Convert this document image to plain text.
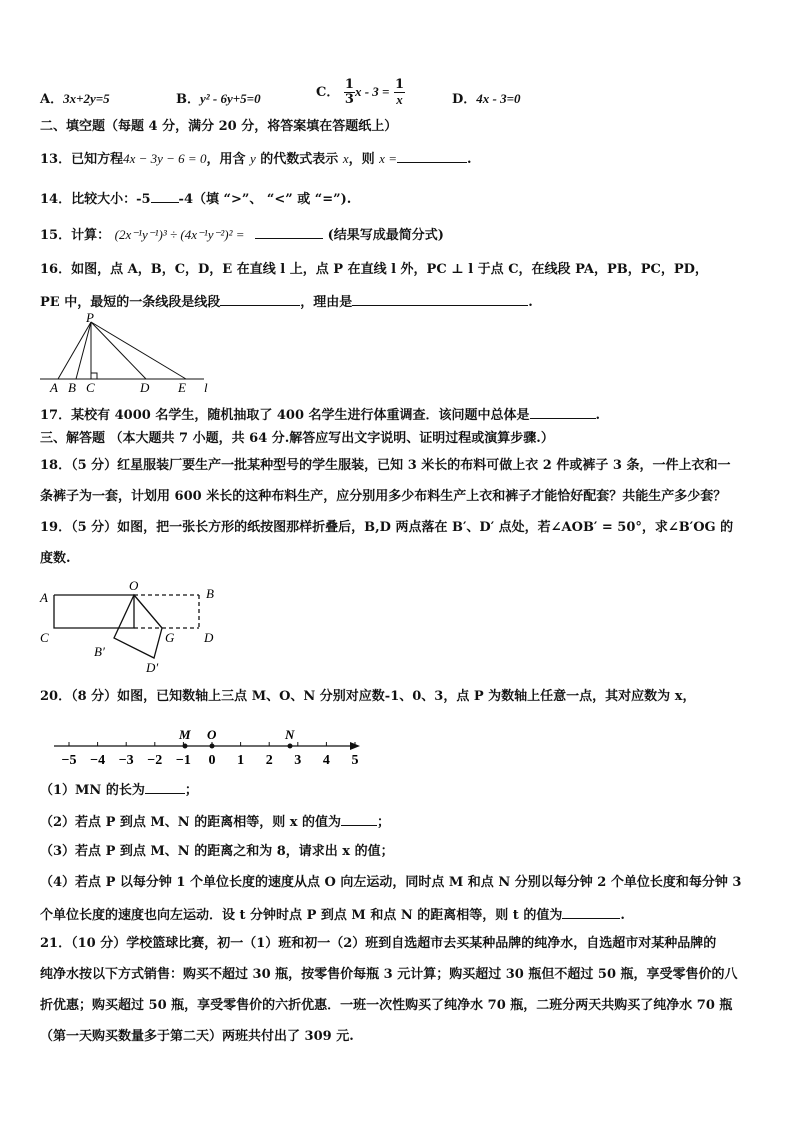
A．3x+2y=5	B．y² - 6y+5=0	C． $\frac{1}{3}$ $x - 3 = \frac{1}{x}$	D．4x - 3=0
二、填空题（每题 4 分，满分 20 分，将答案填在答题纸上）
13．已知方程4x − 3y − 6 = 0，用含 y 的代数式表示 x，则 x =	.
14．比较大小：-5 -4（填 “>”、 “<” 或 “=”).
15．计算： (2x⁻¹y⁻¹)³ ÷ (4x⁻¹y⁻²)² =	(结果写成最简分式)
16．如图，点 A，B，C，D，E 在直线 l 上，点 P 在直线 l 外，PC ⊥ l 于点 C，在线段 PA，PB，PC，PD，
PE 中，最短的一条线段是线段	，理由是	.
P
A B C	D E l
17．某校有 4000 名学生，随机抽取了 400 名学生进行体重调查．该问题中总体是	.
三、解答题 （本大题共 7 小题，共 64 分.解答应写出文字说明、证明过程或演算步骤.）
18．（5 分）红星服装厂要生产一批某种型号的学生服装，已知 3 米长的布料可做上衣 2 件或裤子 3 条，一件上衣和一
条裤子为一套，计划用 600 米长的这种布料生产，应分别用多少布料生产上衣和裤子才能恰好配套？共能生产多少套？
19．（5 分）如图，把一张长方形的纸按图那样折叠后，B,D 两点落在 B′、D′ 点处，若∠AOB′ = 50°，求∠B′OG 的
度数.
O
A	B
C	D
G
B′
D′
20．（8 分）如图，已知数轴上三点 M、O、N 分别对应数-1、0、3，点 P 为数轴上任意一点，其对应数为 x，
−5 −4 −3 −2 −1 0 1 2 3 4 5
M O	N
（1）MN 的长为	；
（2）若点 P 到点 M、N 的距离相等，则 x 的值为	；
（3）若点 P 到点 M、N 的距离之和为 8，请求出 x 的值；
（4）若点 P 以每分钟 1 个单位长度的速度从点 O 向左运动，同时点 M 和点 N 分别以每分钟 2 个单位长度和每分钟 3
个单位长度的速度也向左运动．设 t 分钟时点 P 到点 M 和点 N 的距离相等，则 t 的值为	.
21．（10 分）学校篮球比赛，初一（1）班和初一（2）班到自选超市去买某种品牌的纯净水，自选超市对某种品牌的
纯净水按以下方式销售：购买不超过 30 瓶，按零售价每瓶 3 元计算；购买超过 30 瓶但不超过 50 瓶，享受零售价的八
折优惠；购买超过 50 瓶，享受零售价的六折优惠．一班一次性购买了纯净水 70 瓶，二班分两天共购买了纯净水 70 瓶
（第一天购买数量多于第二天）两班共付出了 309 元.
